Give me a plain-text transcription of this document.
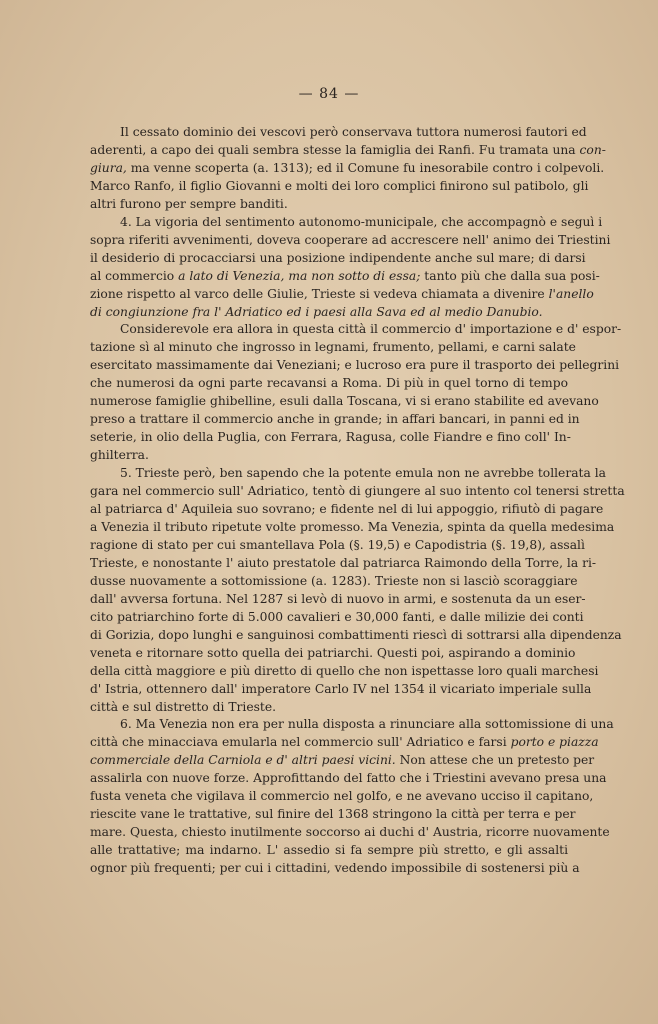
— 84 —
Il cessato dominio dei vescovi però conservava tuttora numerosi fautori ed
aderenti, a capo dei quali sembra stesse la famiglia dei Ranfi. Fu tramata una con-
giura, ma venne scoperta (a. 1313); ed il Comune fu inesorabile contro i colpevoli.
Marco Ranfo, il figlio Giovanni e molti dei loro complici finirono sul patibolo, gli
altri furono per sempre banditi.
4. La vigoria del sentimento autonomo-municipale, che accompagnò e seguì i
sopra riferiti avvenimenti, doveva cooperare ad accrescere nell' animo dei Triestini
il desiderio di procacciarsi una posizione indipendente anche sul mare; di darsi
al commercio a lato di Venezia, ma non sotto di essa; tanto più che dalla sua posi-
zione rispetto al varco delle Giulie, Trieste si vedeva chiamata a divenire l'anello
di congiunzione fra l' Adriatico ed i paesi alla Sava ed al medio Danubio.
Considerevole era allora in questa città il commercio d' importazione e d' espor-
tazione sì al minuto che ingrosso in legnami, frumento, pellami, e carni salate
esercitato massimamente dai Veneziani; e lucroso era pure il trasporto dei pellegrini
che numerosi da ogni parte recavansi a Roma. Di più in quel torno di tempo
numerose famiglie ghibelline, esuli dalla Toscana, vi si erano stabilite ed avevano
preso a trattare il commercio anche in grande; in affari bancari, in panni ed in
seterie, in olio della Puglia, con Ferrara, Ragusa, colle Fiandre e fino coll' In-
ghilterra.
5. Trieste però, ben sapendo che la potente emula non ne avrebbe tollerata la
gara nel commercio sull' Adriatico, tentò di giungere al suo intento col tenersi stretta
al patriarca d' Aquileia suo sovrano; e fidente nel di lui appoggio, rifiutò di pagare
a Venezia il tributo ripetute volte promesso. Ma Venezia, spinta da quella medesima
ragione di stato per cui smantellava Pola (§. 19,5) e Capodistria (§. 19,8), assalì
Trieste, e nonostante l' aiuto prestatole dal patriarca Raimondo della Torre, la ri-
dusse nuovamente a sottomissione (a. 1283). Trieste non si lasciò scoraggiare
dall' avversa fortuna. Nel 1287 si levò di nuovo in armi, e sostenuta da un eser-
cito patriarchino forte di 5.000 cavalieri e 30,000 fanti, e dalle milizie dei conti
di Gorizia, dopo lunghi e sanguinosi combattimenti riescì di sottrarsi alla dipendenza
veneta e ritornare sotto quella dei patriarchi. Questi poi, aspirando a dominio
della città maggiore e più diretto di quello che non ispettasse loro quali marchesi
d' Istria, ottennero dall' imperatore Carlo IV nel 1354 il vicariato imperiale sulla
città e sul distretto di Trieste.
6. Ma Venezia non era per nulla disposta a rinunciare alla sottomissione di una
città che minacciava emularla nel commercio sull' Adriatico e farsi porto e piazza
commerciale della Carniola e d' altri paesi vicini. Non attese che un pretesto per
assalirla con nuove forze. Approfittando del fatto che i Triestini avevano presa una
fusta veneta che vigilava il commercio nel golfo, e ne avevano ucciso il capitano,
riescite vane le trattative, sul finire del 1368 stringono la città per terra e per
mare. Questa, chiesto inutilmente soccorso ai duchi d' Austria, ricorre nuovamente
alle trattative; ma indarno. L' assedio si fa sempre più stretto, e gli assalti
ognor più frequenti; per cui i cittadini, vedendo impossibile di sostenersi più a
